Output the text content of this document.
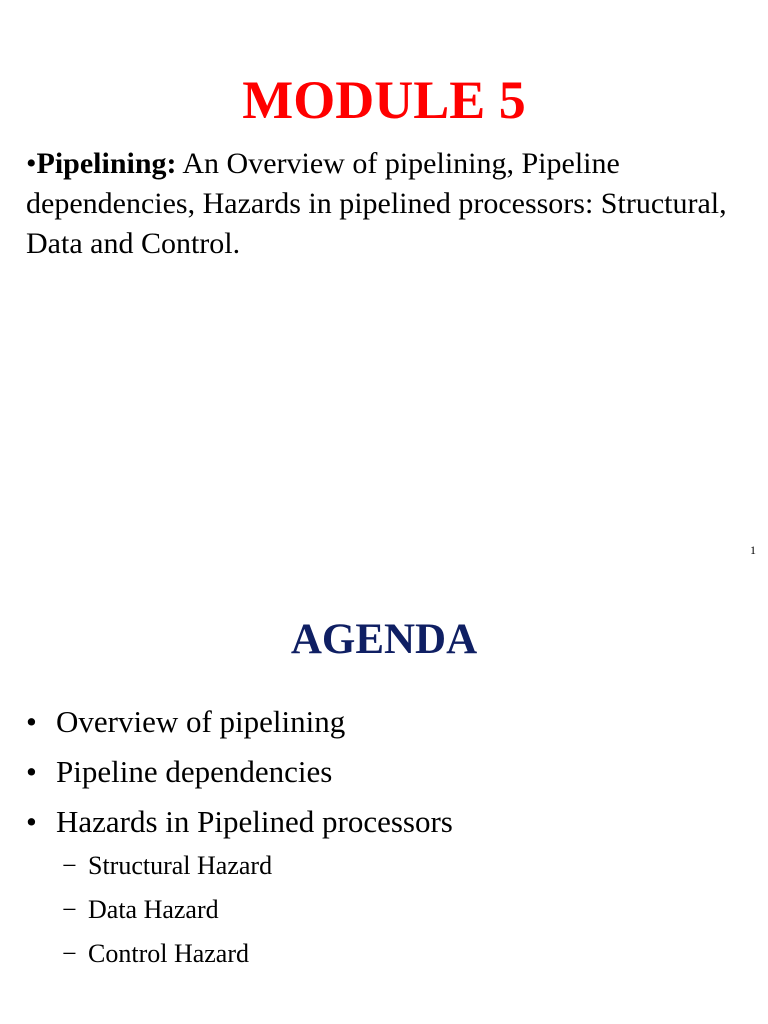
MODULE 5
•Pipelining: An Overview of pipelining, Pipeline dependencies, Hazards in pipelined processors: Structural, Data and Control.
1
AGENDA
• Overview of pipelining
• Pipeline dependencies
• Hazards in Pipelined processors
− Structural Hazard
− Data Hazard
− Control Hazard
